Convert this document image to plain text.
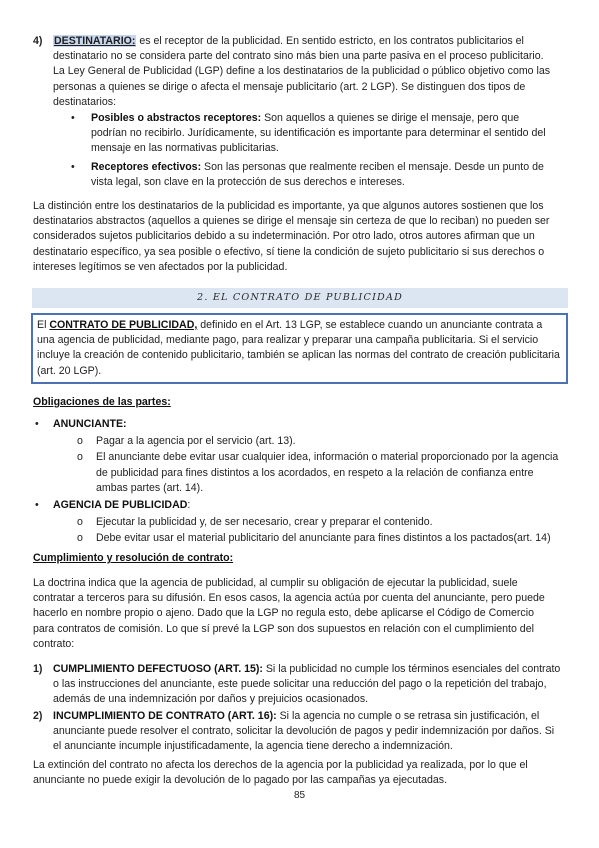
4) DESTINATARIO: es el receptor de la publicidad. En sentido estricto, en los contratos publicitarios el destinatario no se considera parte del contrato sino más bien una parte pasiva en el proceso publicitario. La Ley General de Publicidad (LGP) define a los destinatarios de la publicidad o público objetivo como las personas a quienes se dirige o afecta el mensaje publicitario (art. 2 LGP). Se distinguen dos tipos de destinatarios:

• Posibles o abstractos receptores: Son aquellos a quienes se dirige el mensaje, pero que podrían no recibirlo. Jurídicamente, su identificación es importante para determinar el sentido del mensaje en las normativas publicitarias.
• Receptores efectivos: Son las personas que realmente reciben el mensaje. Desde un punto de vista legal, son clave en la protección de sus derechos e intereses.

La distinción entre los destinatarios de la publicidad es importante, ya que algunos autores sostienen que los destinatarios abstractos (aquellos a quienes se dirige el mensaje sin certeza de que lo reciban) no pueden ser considerados sujetos publicitarios debido a su indeterminación. Por otro lado, otros autores afirman que un destinatario específico, ya sea posible o efectivo, sí tiene la condición de sujeto publicitario si sus derechos o intereses legítimos se ven afectados por la publicidad.

2. EL CONTRATO DE PUBLICIDAD

El CONTRATO DE PUBLICIDAD, definido en el Art. 13 LGP, se establece cuando un anunciante contrata a una agencia de publicidad, mediante pago, para realizar y preparar una campaña publicitaria. Si el servicio incluye la creación de contenido publicitario, también se aplican las normas del contrato de creación publicitaria (art. 20 LGP).

Obligaciones de las partes:

• ANUNCIANTE:
o Pagar a la agencia por el servicio (art. 13).
o El anunciante debe evitar usar cualquier idea, información o material proporcionado por la agencia de publicidad para fines distintos a los acordados, en respeto a la relación de confianza entre ambas partes (art. 14).
• AGENCIA DE PUBLICIDAD:
o Ejecutar la publicidad y, de ser necesario, crear y preparar el contenido.
o Debe evitar usar el material publicitario del anunciante para fines distintos a los pactados(art. 14)

Cumplimiento y resolución de contrato:

La doctrina indica que la agencia de publicidad, al cumplir su obligación de ejecutar la publicidad, suele contratar a terceros para su difusión. En esos casos, la agencia actúa por cuenta del anunciante, pero puede hacerlo en nombre propio o ajeno. Dado que la LGP no regula esto, debe aplicarse el Código de Comercio para contratos de comisión. Lo que sí prevé la LGP son dos supuestos en relación con el cumplimiento del contrato:

1) CUMPLIMIENTO DEFECTUOSO (ART. 15): Si la publicidad no cumple los términos esenciales del contrato o las instrucciones del anunciante, este puede solicitar una reducción del pago o la repetición del trabajo, además de una indemnización por daños y prejuicios ocasionados.
2) INCUMPLIMIENTO DE CONTRATO (ART. 16): Si la agencia no cumple o se retrasa sin justificación, el anunciante puede resolver el contrato, solicitar la devolución de pagos y pedir indemnización por daños. Si el anunciante incumple injustificadamente, la agencia tiene derecho a indemnización.

La extinción del contrato no afecta los derechos de la agencia por la publicidad ya realizada, por lo que el anunciante no puede exigir la devolución de lo pagado por las campañas ya ejecutadas.

85
